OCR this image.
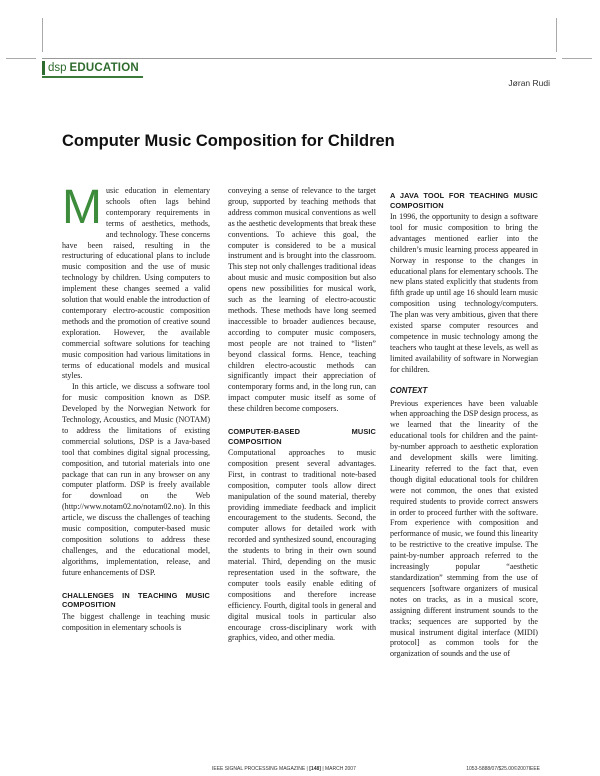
dsp EDUCATION
Jøran Rudi
Computer Music Composition for Children

Music education in elementary schools often lags behind contemporary requirements in terms of aesthetics, methods, and technology. These concerns have been raised, resulting in the restructuring of educational plans to include music composition and the use of music technology by children. Using computers to implement these changes seemed a valid solution that would enable the introduction of contemporary electro-acoustic composition methods and the promotion of creative sound exploration. However, the available commercial software solutions for teaching music composition had various limitations in terms of educational models and musical styles.

In this article, we discuss a software tool for music composition known as DSP. Developed by the Norwegian Network for Technology, Acoustics, and Music (NOTAM) to address the limitations of existing commercial solutions, DSP is a Java-based tool that combines digital signal processing, composition, and tutorial materials into one package that can run in any browser on any computer platform. DSP is freely available for download on the Web (http://www.notam02.no/notam02.no). In this article, we discuss the challenges of teaching music composition, computer-based music composition solutions to address these challenges, and the educational model, algorithms, implementation, release, and future enhancements of DSP.

CHALLENGES IN TEACHING MUSIC COMPOSITION

The biggest challenge in teaching music composition in elementary schools is

conveying a sense of relevance to the target group, supported by teaching methods that address common musical conventions as well as the aesthetic developments that break these conventions. To achieve this goal, the computer is considered to be a musical instrument and is brought into the classroom. This step not only challenges traditional ideas about music and music composition but also opens new possibilities for musical work, such as the learning of electro-acoustic methods. These methods have long seemed inaccessible to broader audiences because, according to computer music composers, most people are not trained to “listen” beyond classical forms. Hence, teaching children electro-acoustic methods can significantly impact their appreciation of contemporary forms and, in the long run, can impact computer music itself as some of these children become composers.

COMPUTER-BASED MUSIC COMPOSITION

Computational approaches to music composition present several advantages. First, in contrast to traditional note-based composition, computer tools allow direct manipulation of the sound material, thereby providing immediate feedback and implicit encouragement to the students. Second, the computer allows for detailed work with recorded and synthesized sound, encouraging the students to bring in their own sound material. Third, depending on the music representation used in the software, the computer tools easily enable editing of compositions and therefore increase efficiency. Fourth, digital tools in general and digital musical tools in particular also encourage cross-disciplinary work with graphics, video, and other media.

A JAVA TOOL FOR TEACHING MUSIC COMPOSITION

In 1996, the opportunity to design a software tool for music composition to bring the advantages mentioned earlier into the children’s music learning process appeared in Norway in response to the changes in educational plans for elementary schools. The new plans stated explicitly that students from fifth grade up until age 16 should learn music composition using technology/computers. The plan was very ambitious, given that there existed sparse computer resources and competence in music technology among the teachers who taught at these levels, as well as limited availability of software in Norwegian for children.

CONTEXT

Previous experiences have been valuable when approaching the DSP design process, as we learned that the linearity of the educational tools for children and the paint-by-number approach to aesthetic exploration and development skills were limiting. Linearity referred to the fact that, even though digital educational tools for children were not common, the ones that existed required students to provide correct answers in order to proceed further with the software. From experience with composition and performance of music, we found this linearity to be restrictive to the creative impulse. The paint-by-number approach referred to the increasingly popular “aesthetic standardization” stemming from the use of sequencers [software organizers of musical notes on tracks, as in a musical score, assigning different instrument sounds to the tracks; sequences are supported by the musical instrument digital interface (MIDI) protocol] as common tools for the organization of sounds and the use of

IEEE SIGNAL PROCESSING MAGAZINE | [148] | MARCH 2007	1053-5888/07/$25.00©2007IEEE
